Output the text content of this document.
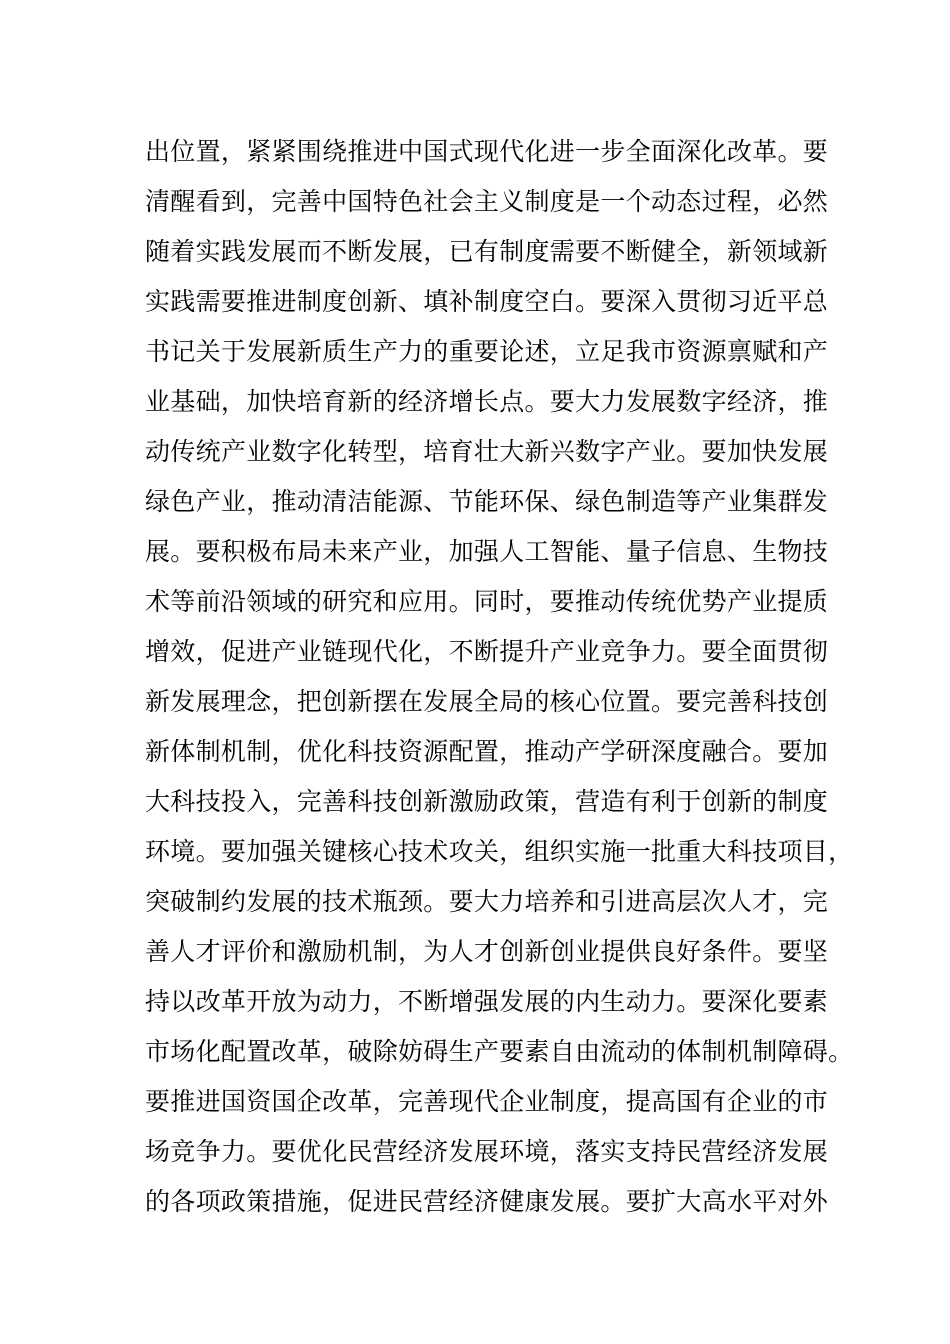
出位置，紧紧围绕推进中国式现代化进一步全面深化改革。要
清醒看到，完善中国特色社会主义制度是一个动态过程，必然
随着实践发展而不断发展，已有制度需要不断健全，新领域新
实践需要推进制度创新、填补制度空白。要深入贯彻习近平总
书记关于发展新质生产力的重要论述，立足我市资源禀赋和产
业基础，加快培育新的经济增长点。要大力发展数字经济，推
动传统产业数字化转型，培育壮大新兴数字产业。要加快发展
绿色产业，推动清洁能源、节能环保、绿色制造等产业集群发
展。要积极布局未来产业，加强人工智能、量子信息、生物技
术等前沿领域的研究和应用。同时，要推动传统优势产业提质
增效，促进产业链现代化，不断提升产业竞争力。要全面贯彻
新发展理念，把创新摆在发展全局的核心位置。要完善科技创
新体制机制，优化科技资源配置，推动产学研深度融合。要加
大科技投入，完善科技创新激励政策，营造有利于创新的制度
环境。要加强关键核心技术攻关，组织实施一批重大科技项目，
突破制约发展的技术瓶颈。要大力培养和引进高层次人才，完
善人才评价和激励机制，为人才创新创业提供良好条件。要坚
持以改革开放为动力，不断增强发展的内生动力。要深化要素
市场化配置改革，破除妨碍生产要素自由流动的体制机制障碍。
要推进国资国企改革，完善现代企业制度，提高国有企业的市
场竞争力。要优化民营经济发展环境，落实支持民营经济发展
的各项政策措施，促进民营经济健康发展。要扩大高水平对外
